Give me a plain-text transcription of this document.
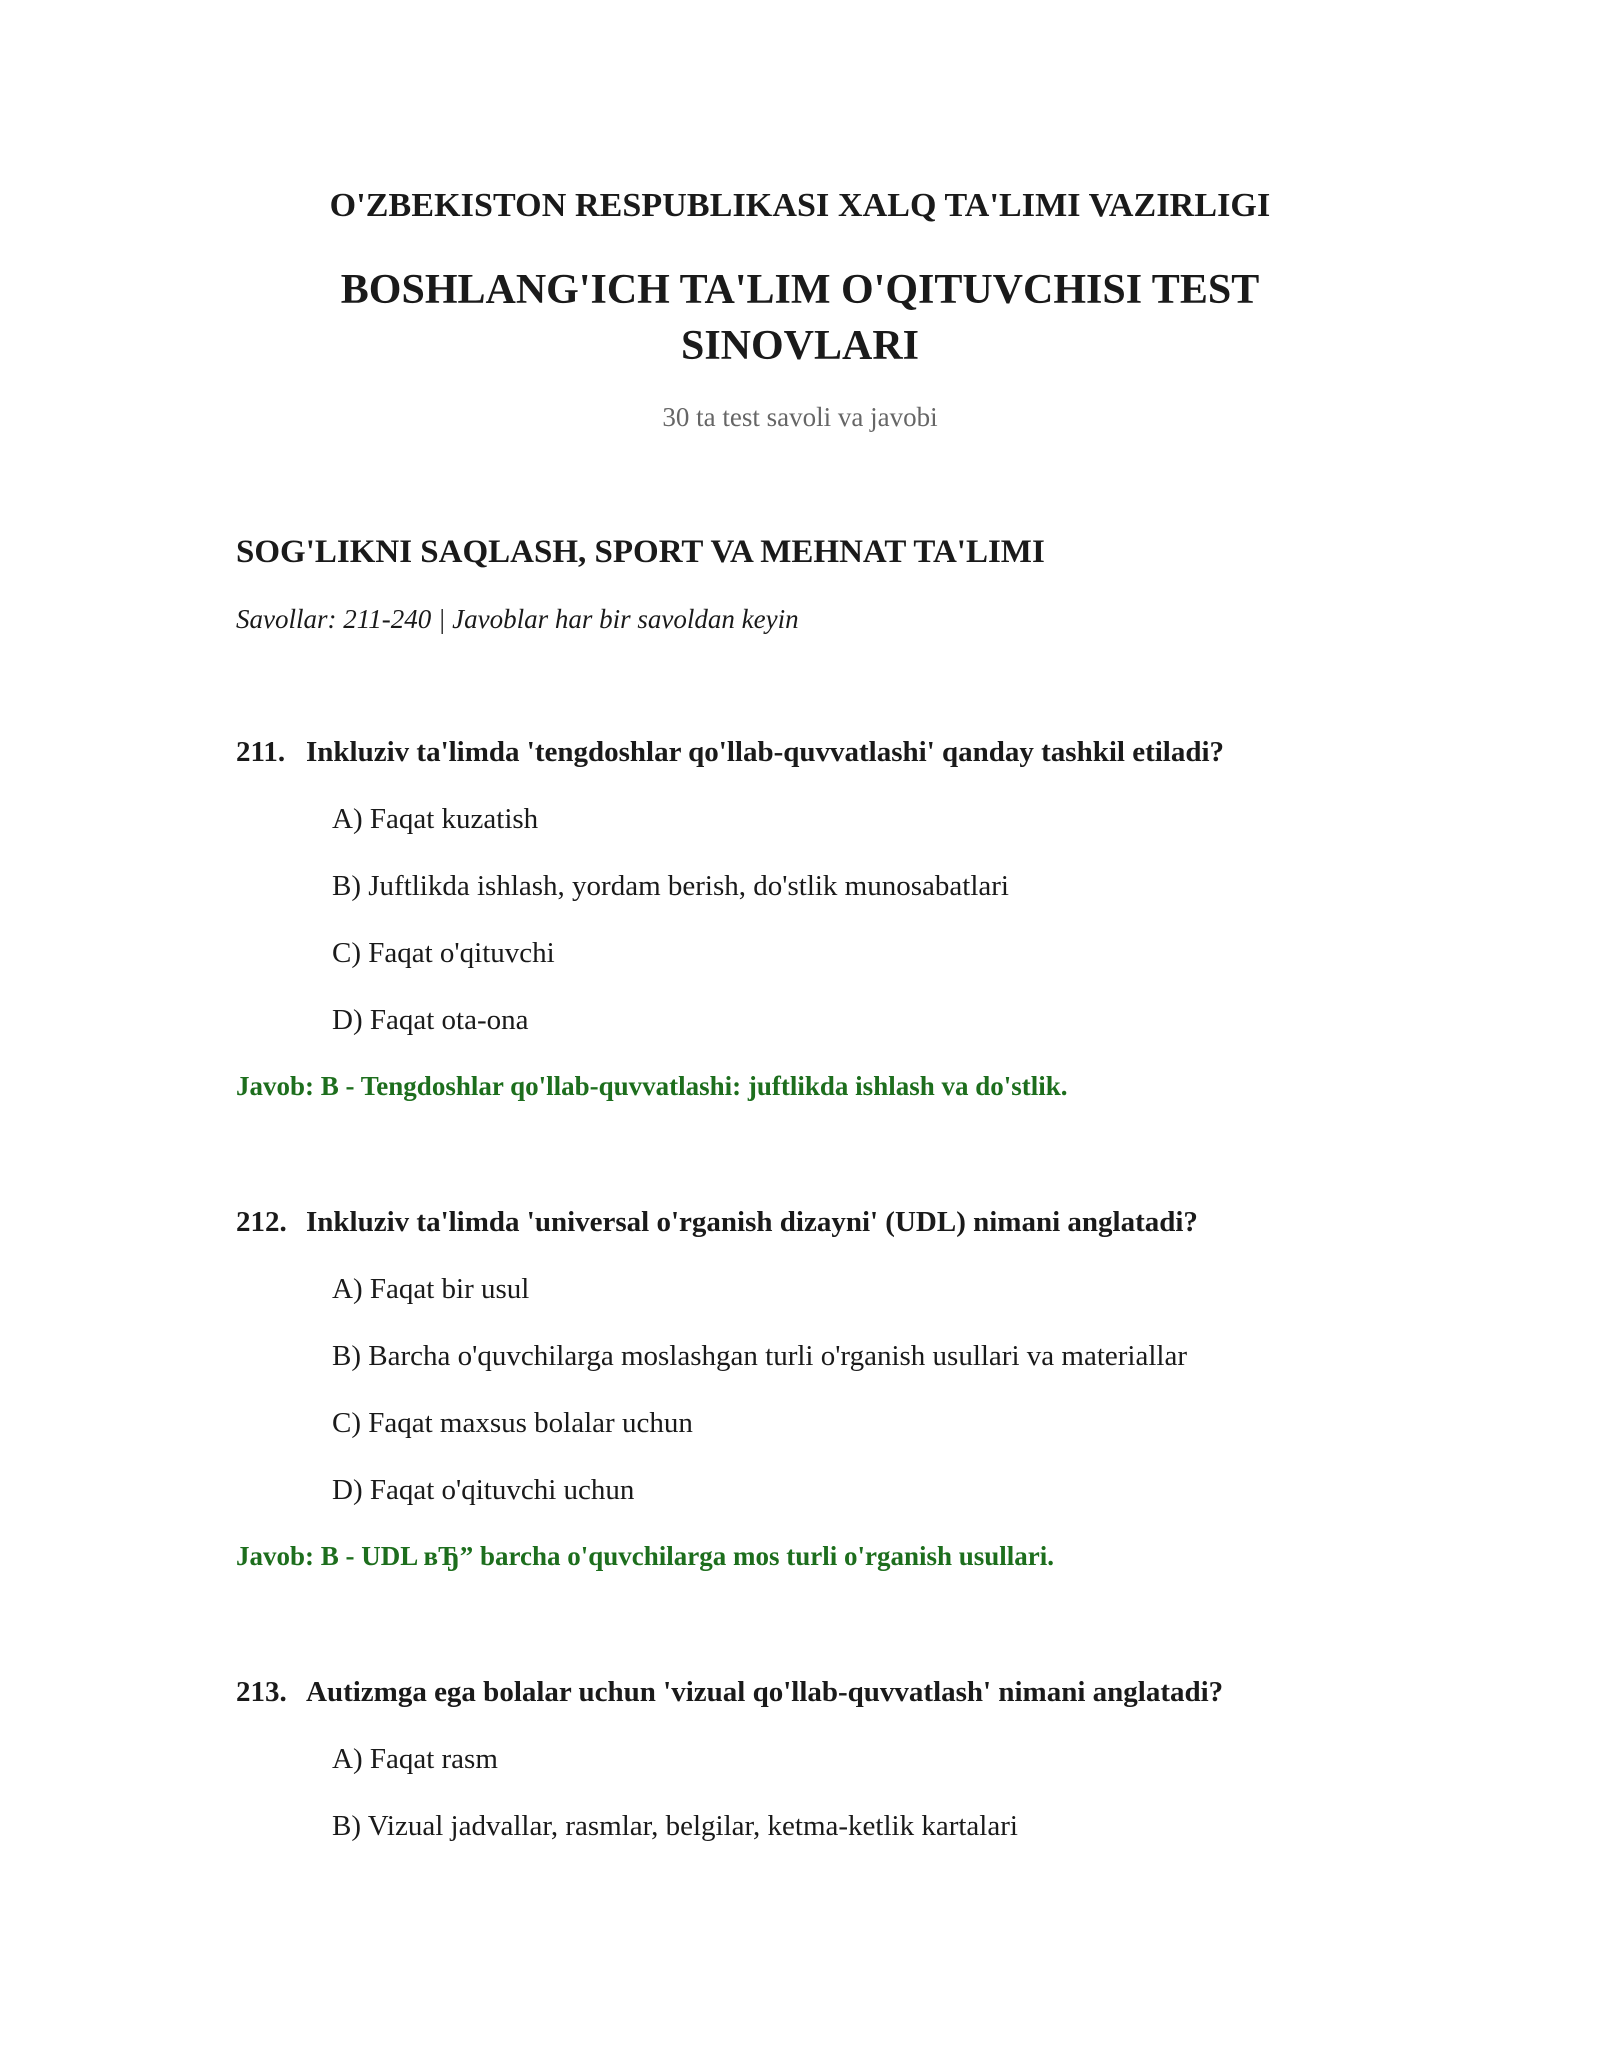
O'ZBEKISTON RESPUBLIKASI XALQ TA'LIMI VAZIRLIGI
BOSHLANG'ICH TA'LIM O'QITUVCHISI TEST SINOVLARI
30 ta test savoli va javobi
SOG'LIKNI SAQLASH, SPORT VA MEHNAT TA'LIMI
Savollar: 211-240 | Javoblar har bir savoldan keyin
211. Inkluziv ta'limda 'tengdoshlar qo'llab-quvvatlashi' qanday tashkil etiladi?
A) Faqat kuzatish
B) Juftlikda ishlash, yordam berish, do'stlik munosabatlari
C) Faqat o'qituvchi
D) Faqat ota-ona
Javob: B - Tengdoshlar qo'llab-quvvatlashi: juftlikda ishlash va do'stlik.
212. Inkluziv ta'limda 'universal o'rganish dizayni' (UDL) nimani anglatadi?
A) Faqat bir usul
B) Barcha o'quvchilarga moslashgan turli o'rganish usullari va materiallar
C) Faqat maxsus bolalar uchun
D) Faqat o'qituvchi uchun
Javob: B - UDL вЂ” barcha o'quvchilarga mos turli o'rganish usullari.
213. Autizmga ega bolalar uchun 'vizual qo'llab-quvvatlash' nimani anglatadi?
A) Faqat rasm
B) Vizual jadvallar, rasmlar, belgilar, ketma-ketlik kartalari
